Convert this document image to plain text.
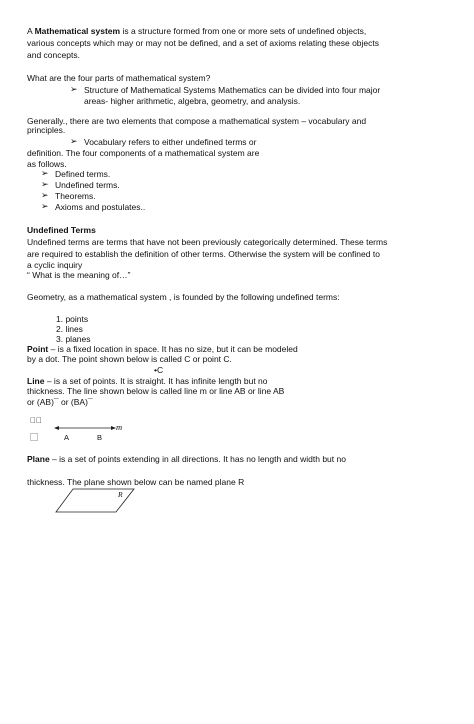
A Mathematical system is a structure formed from one or more sets of undefined objects,
various concepts which may or may not be defined, and a set of axioms relating these objects
and concepts.
What are the four parts of mathematical system?
➢ Structure of Mathematical Systems Mathematics can be divided into four major
areas- higher arithmetic, algebra, geometry, and analysis.
Generally., there are two elements that compose a mathematical system – vocabulary and
principles.
➢ Vocabulary refers to either undefined terms or
definition. The four components of a mathematical system are
as follows.
➢ Defined terms.
➢ Undefined terms.
➢ Theorems.
➢ Axioms and postulates..
Undefined Terms
Undefined terms are terms that have not been previously categorically determined. These terms
are required to establish the definition of other terms. Otherwise the system will be confined to
a cyclic inquiry
“ What is the meaning of…”
Geometry, as a mathematical system , is founded by the following undefined terms:
1. points
2. lines
3. planes
Point – is a fixed location in space. It has no size, but it can be modeled
by a dot. The point shown below is called C or point C.
•C
Line – is a set of points. It is straight. It has infinite length but no
thickness. The line shown below is called line m or line AB or line AB
or (AB)¯ or (BA)¯
⃡⃞
⃞
m
A	B
Plane – is a set of points extending in all directions. It has no length and width but no
thickness. The plane shown below can be named plane R
R
